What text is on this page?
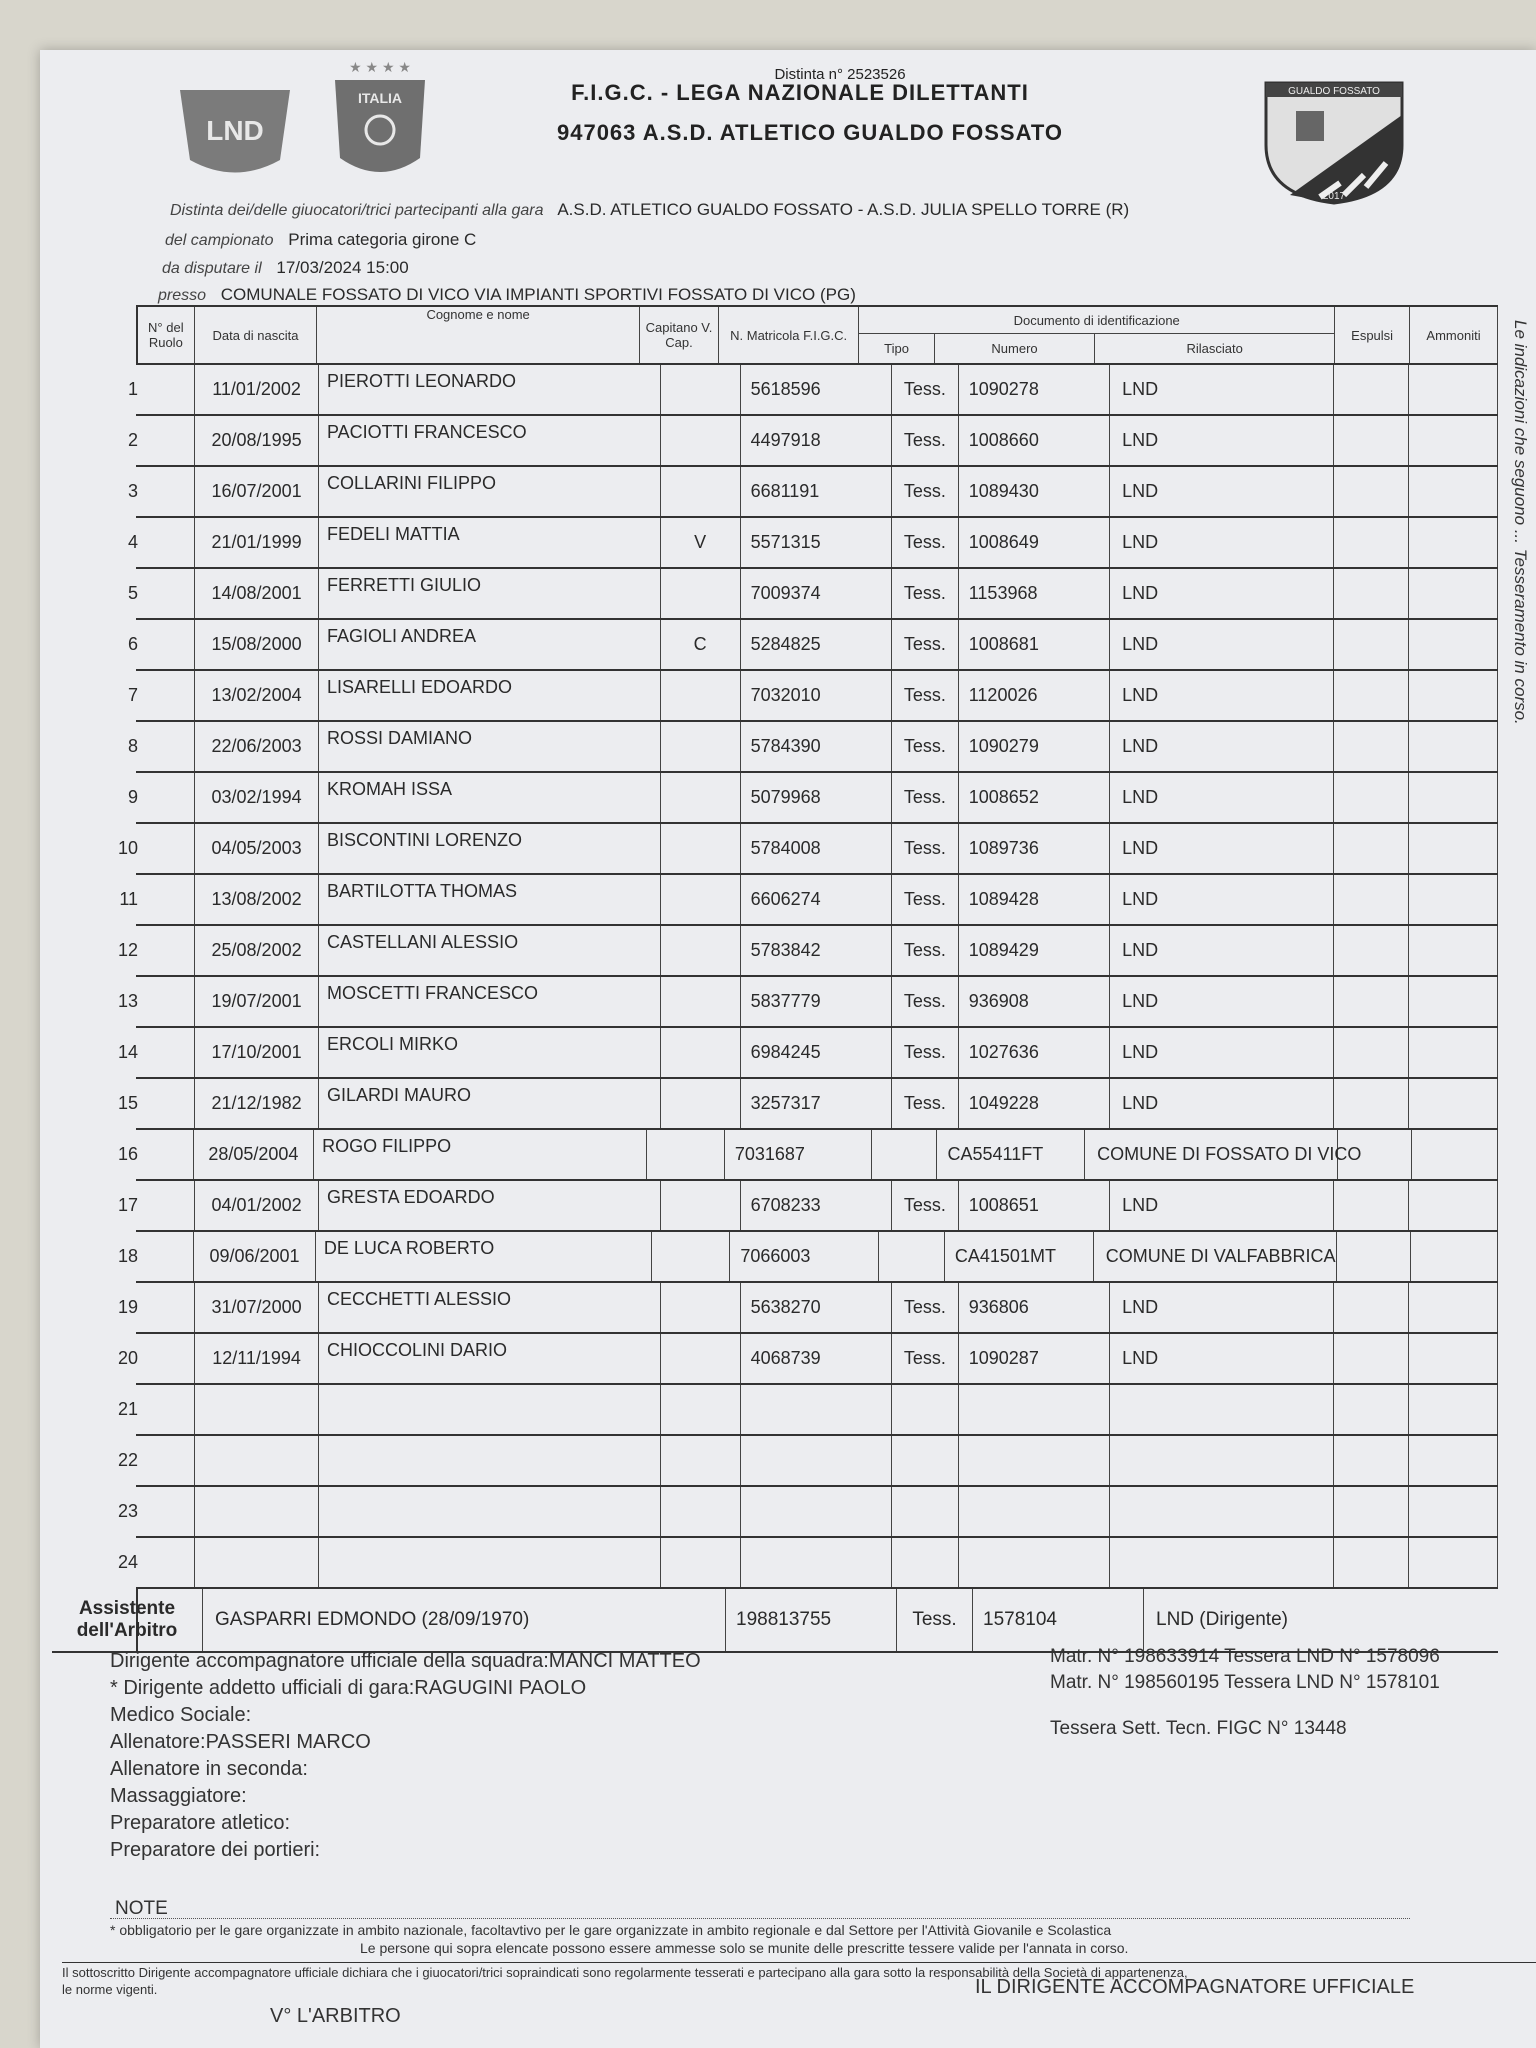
LND
★ ★ ★ ★
ITALIA	GUALDO FOSSATO
2017
Distinta n° 2523526
F.I.G.C. - LEGA NAZIONALE DILETTANTI
947063 A.S.D. ATLETICO GUALDO FOSSATO
Distinta dei/delle giuocatori/trici partecipanti alla gara A.S.D. ATLETICO GUALDO FOSSATO - A.S.D. JULIA SPELLO TORRE (R)
del campionato Prima categoria girone C
da disputare il 17/03/2024 15:00
presso COMUNALE FOSSATO DI VICO VIA IMPIANTI SPORTIVI FOSSATO DI VICO (PG)
Le indicazioni che seguono ... Tesseramento in corso.
N° del Ruolo	Data di nascita
Cognome e nome
Capitano V. Cap.	N. Matricola F.I.G.C.
Documento di identificazione
Tipo	Numero	Rilasciato
Espulsi	Ammoniti
1	11/01/2002	PIEROTTI LEONARDO	5618596	Tess.	1090278	LND
2	20/08/1995	PACIOTTI FRANCESCO	4497918	Tess.	1008660	LND
3	16/07/2001	COLLARINI FILIPPO	6681191	Tess.	1089430	LND
4	21/01/1999	FEDELI MATTIA	V	5571315	Tess.	1008649	LND
5	14/08/2001	FERRETTI GIULIO	7009374	Tess.	1153968	LND
6	15/08/2000	FAGIOLI ANDREA	C	5284825	Tess.	1008681	LND
7	13/02/2004	LISARELLI EDOARDO	7032010	Tess.	1120026	LND
8	22/06/2003	ROSSI DAMIANO	5784390	Tess.	1090279	LND
9	03/02/1994	KROMAH ISSA	5079968	Tess.	1008652	LND
10	04/05/2003	BISCONTINI LORENZO	5784008	Tess.	1089736	LND
11	13/08/2002	BARTILOTTA THOMAS	6606274	Tess.	1089428	LND
12	25/08/2002	CASTELLANI ALESSIO	5783842	Tess.	1089429	LND
13	19/07/2001	MOSCETTI FRANCESCO	5837779	Tess.	936908	LND
14	17/10/2001	ERCOLI MIRKO	6984245	Tess.	1027636	LND
15	21/12/1982	GILARDI MAURO	3257317	Tess.	1049228	LND
16	28/05/2004	ROGO FILIPPO	7031687	CA55411FT	COMUNE DI FOSSATO DI VICO
17	04/01/2002	GRESTA EDOARDO	6708233	Tess.	1008651	LND
18	09/06/2001	DE LUCA ROBERTO	7066003	CA41501MT	COMUNE DI VALFABBRICA
19	31/07/2000	CECCHETTI ALESSIO	5638270	Tess.	936806	LND
20	12/11/1994	CHIOCCOLINI DARIO	4068739	Tess.	1090287	LND
21
22
23
24
Assistente dell'Arbitro
GASPARRI EDMONDO (28/09/1970)	198813755	Tess.	1578104	LND (Dirigente)
Dirigente accompagnatore ufficiale della squadra:MANCI MATTEO
* Dirigente addetto ufficiali di gara:RAGUGINI PAOLO
Medico Sociale:
Allenatore:PASSERI MARCO
Allenatore in seconda:
Massaggiatore:
Preparatore atletico:
Preparatore dei portieri:
Matr. N° 198633914 Tessera LND N° 1578096
Matr. N° 198560195 Tessera LND N° 1578101
Tessera Sett. Tecn. FIGC N° 13448
NOTE
* obbligatorio per le gare organizzate in ambito nazionale, facoltavtivo per le gare organizzate in ambito regionale e dal Settore per l'Attività Giovanile e Scolastica
Le persone qui sopra elencate possono essere ammesse solo se munite delle prescritte tessere valide per l'annata in corso.
Il sottoscritto Dirigente accompagnatore ufficiale dichiara che i giuocatori/trici sopraindicati sono regolarmente tesserati e partecipano alla gara sotto la responsabilità della Società di appartenenza,
le norme vigenti.
V° L'ARBITRO
IL DIRIGENTE ACCOMPAGNATORE UFFICIALE
